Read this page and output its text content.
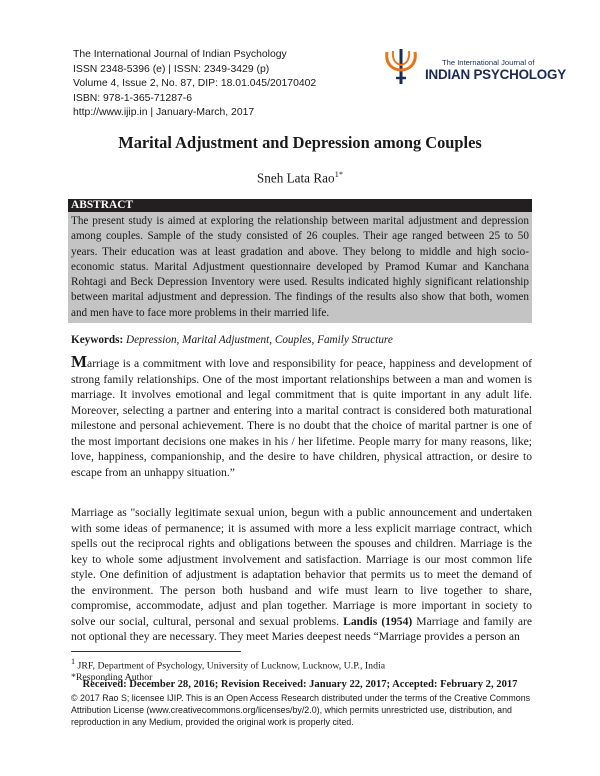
The International Journal of Indian Psychology
ISSN 2348-5396 (e) | ISSN: 2349-3429 (p)
Volume 4, Issue 2, No. 87, DIP: 18.01.045/20170402
ISBN: 978-1-365-71287-6
http://www.ijip.in | January-March, 2017
The International Journal of
INDIAN PSYCHOLOGY
Marital Adjustment and Depression among Couples
Sneh Lata Rao$^{1*}$
ABSTRACT
The present study is aimed at exploring the relationship between marital adjustment and depression among couples. Sample of the study consisted of 26 couples. Their age ranged between 25 to 50 years. Their education was at least gradation and above. They belong to middle and high socio-economic status. Marital Adjustment questionnaire developed by Pramod Kumar and Kanchana Rohtagi and Beck Depression Inventory were used. Results indicated highly significant relationship between marital adjustment and depression. The findings of the results also show that both, women and men have to face more problems in their married life.
Keywords: Depression, Marital Adjustment, Couples, Family Structure
Marriage is a commitment with love and responsibility for peace, happiness and development of strong family relationships. One of the most important relationships between a man and women is marriage. It involves emotional and legal commitment that is quite important in any adult life. Moreover, selecting a partner and entering into a marital contract is considered both maturational milestone and personal achievement. There is no doubt that the choice of marital partner is one of the most important decisions one makes in his / her lifetime. People marry for many reasons, like; love, happiness, companionship, and the desire to have children, physical attraction, or desire to escape from an unhappy situation.”
Marriage as "socially legitimate sexual union, begun with a public announcement and undertaken with some ideas of permanence; it is assumed with more a less explicit marriage contract, which spells out the reciprocal rights and obligations between the spouses and children. Marriage is the key to whole some adjustment involvement and satisfaction. Marriage is our most common life style. One definition of adjustment is adaptation behavior that permits us to meet the demand of the environment. The person both husband and wife must learn to live together to share, compromise, accommodate, adjust and plan together. Marriage is more important in society to solve our social, cultural, personal and sexual problems. Landis (1954) Marriage and family are not optional they are necessary. They meet Maries deepest needs “Marriage provides a person an
$^1$ JRF, Department of Psychology, University of Lucknow, Lucknow, U.P., India
*Responding Author
Received: December 28, 2016; Revision Received: January 22, 2017; Accepted: February 2, 2017
© 2017 Rao S; licensee IJIP. This is an Open Access Research distributed under the terms of the Creative Commons Attribution License (www.creativecommons.org/licenses/by/2.0), which permits unrestricted use, distribution, and reproduction in any Medium, provided the original work is properly cited.
